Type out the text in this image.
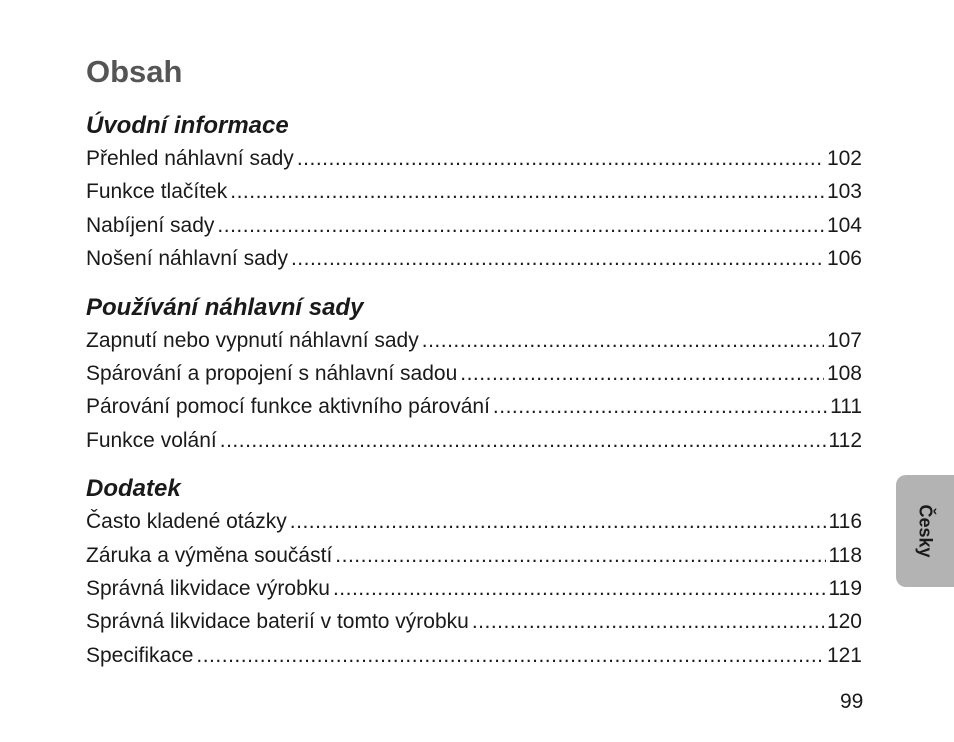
Obsah
Úvodní informace
Přehled náhlavní sady .....	102
Funkce tlačítek .....	103
Nabíjení sady .....	104
Nošení náhlavní sady .....	106
Používání náhlavní sady
Zapnutí nebo vypnutí náhlavní sady .....	107
Spárování a propojení s náhlavní sadou .....	108
Párování pomocí funkce aktivního párování .....	111
Funkce volání .....	112
Dodatek
Často kladené otázky .....	116
Záruka a výměna součástí .....	118
Správná likvidace výrobku .....	119
Správná likvidace baterií v tomto výrobku .....	120
Specifikace .....	121
Česky
99
